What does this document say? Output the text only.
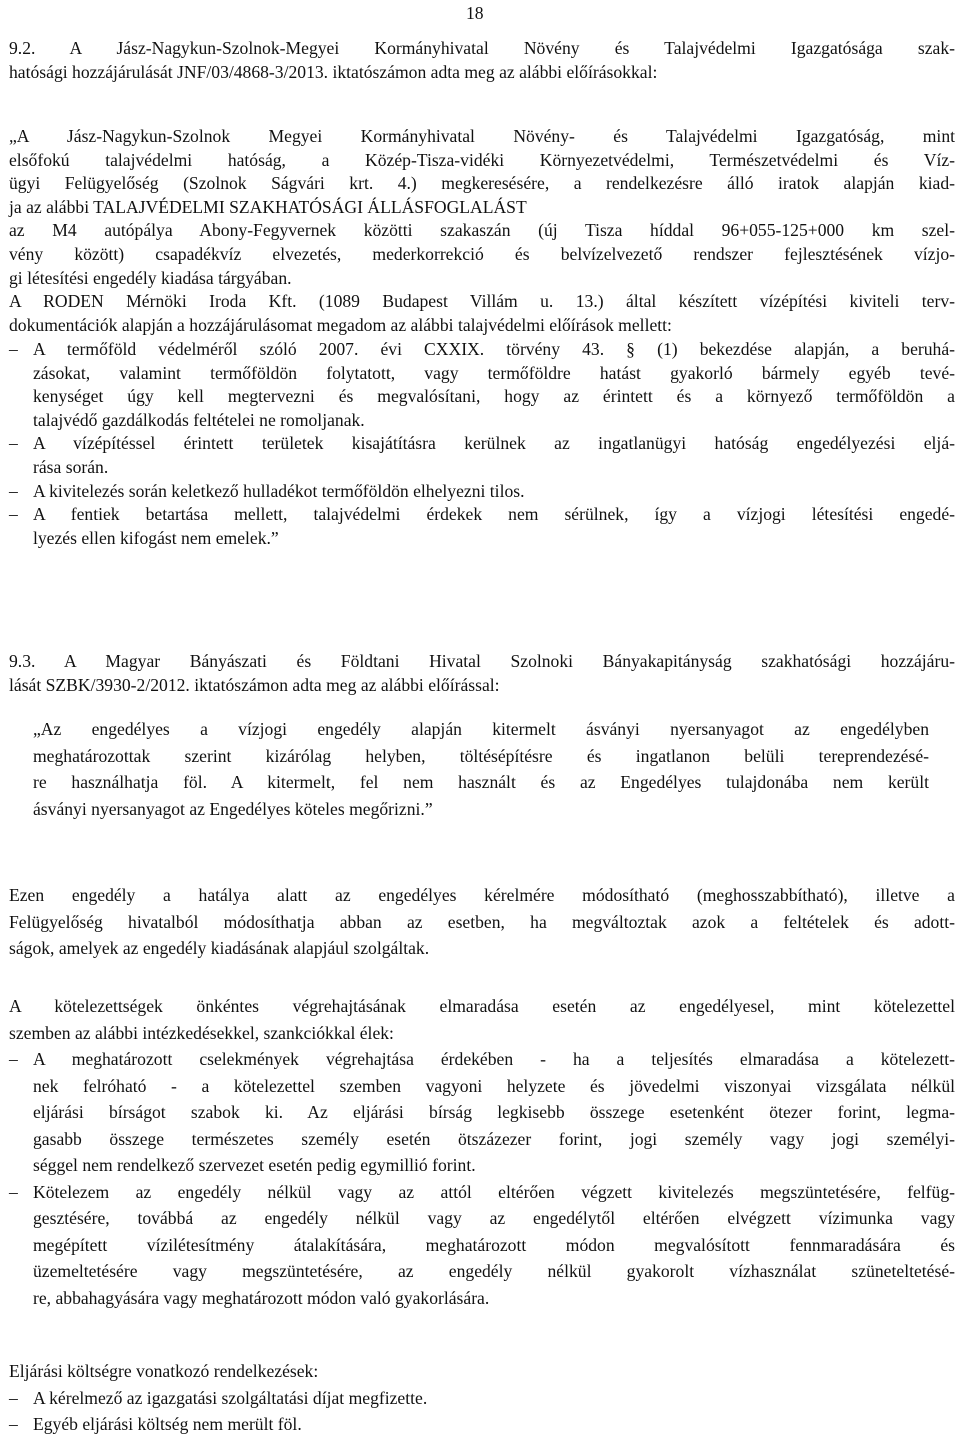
18
9.2. A Jász-Nagykun-Szolnok-Megyei Kormányhivatal Növény és Talajvédelmi Igazgatósága szak-
hatósági hozzájárulását JNF/03/4868-3/2013. iktatószámon adta meg az alábbi előírásokkal:
„A Jász-Nagykun-Szolnok Megyei Kormányhivatal Növény- és Talajvédelmi Igazgatóság, mint
elsőfokú talajvédelmi hatóság, a Közép-Tisza-vidéki Környezetvédelmi, Természetvédelmi és Víz-
ügyi Felügyelőség (Szolnok Ságvári krt. 4.) megkeresésére, a rendelkezésre álló iratok alapján kiad-
ja az alábbi TALAJVÉDELMI SZAKHATÓSÁGI ÁLLÁSFOGLALÁST
az M4 autópálya Abony-Fegyvernek közötti szakaszán (új Tisza híddal 96+055-125+000 km szel-
vény között) csapadékvíz elvezetés, mederkorrekció és belvízelvezető rendszer fejlesztésének vízjo-
gi létesítési engedély kiadása tárgyában.
A RODEN Mérnöki Iroda Kft. (1089 Budapest Villám u. 13.) által készített vízépítési kiviteli terv-
dokumentációk alapján a hozzájárulásomat megadom az alábbi talajvédelmi előírások mellett:
– A termőföld védelméről szóló 2007. évi CXXIX. törvény 43. § (1) bekezdése alapján, a beruhá-
zásokat, valamint termőföldön folytatott, vagy termőföldre hatást gyakorló bármely egyéb tevé-
kenységet úgy kell megtervezni és megvalósítani, hogy az érintett és a környező termőföldön a
talajvédő gazdálkodás feltételei ne romoljanak.
– A vízépítéssel érintett területek kisajátításra kerülnek az ingatlanügyi hatóság engedélyezési eljá-
rása során.
– A kivitelezés során keletkező hulladékot termőföldön elhelyezni tilos.
– A fentiek betartása mellett, talajvédelmi érdekek nem sérülnek, így a vízjogi létesítési engedé-
lyezés ellen kifogást nem emelek.”
9.3. A Magyar Bányászati és Földtani Hivatal Szolnoki Bányakapitányság szakhatósági hozzájáru-
lását SZBK/3930-2/2012. iktatószámon adta meg az alábbi előírással:
„Az engedélyes a vízjogi engedély alapján kitermelt ásványi nyersanyagot az engedélyben
meghatározottak szerint kizárólag helyben, töltésépítésre és ingatlanon belüli tereprendezésé-
re használhatja föl. A kitermelt, fel nem használt és az Engedélyes tulajdonába nem került
ásványi nyersanyagot az Engedélyes köteles megőrizni.”
Ezen engedély a hatálya alatt az engedélyes kérelmére módosítható (meghosszabbítható), illetve a
Felügyelőség hivatalból módosíthatja abban az esetben, ha megváltoztak azok a feltételek és adott-
ságok, amelyek az engedély kiadásának alapjául szolgáltak.
A kötelezettségek önkéntes végrehajtásának elmaradása esetén az engedélyesel, mint kötelezettel
szemben az alábbi intézkedésekkel, szankciókkal élek:
– A meghatározott cselekmények végrehajtása érdekében - ha a teljesítés elmaradása a kötelezett-
nek felróható - a kötelezettel szemben vagyoni helyzete és jövedelmi viszonyai vizsgálata nélkül
eljárási bírságot szabok ki. Az eljárási bírság legkisebb összege esetenként ötezer forint, legma-
gasabb összege természetes személy esetén ötszázezer forint, jogi személy vagy jogi személyi-
séggel nem rendelkező szervezet esetén pedig egymillió forint.
– Kötelezem az engedély nélkül vagy az attól eltérően végzett kivitelezés megszüntetésére, felfüg-
gesztésére, továbbá az engedély nélkül vagy az engedélytől eltérően elvégzett vízimunka vagy
megépített vízilétesítmény átalakítására, meghatározott módon megvalósított fennmaradására és
üzemeltetésére vagy megszüntetésére, az engedély nélkül gyakorolt vízhasználat szüneteltetésé-
re, abbahagyására vagy meghatározott módon való gyakorlására.
Eljárási költségre vonatkozó rendelkezések:
– A kérelmező az igazgatási szolgáltatási díjat megfizette.
– Egyéb eljárási költség nem merült föl.
